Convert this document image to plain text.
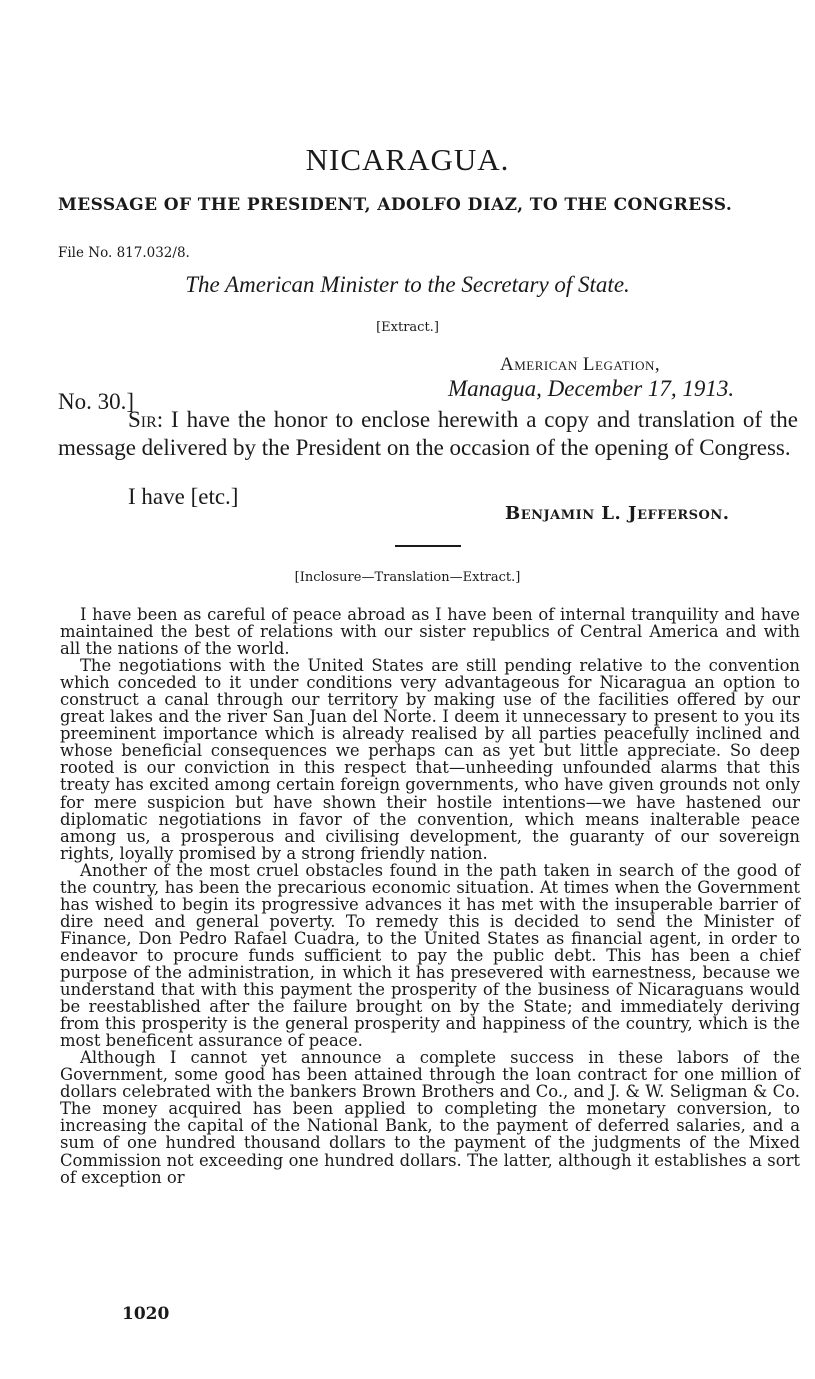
NICARAGUA.
MESSAGE OF THE PRESIDENT, ADOLFO DIAZ, TO THE CONGRESS.
File No. 817.032/8.
The American Minister to the Secretary of State.
[Extract.]
American Legation,
Managua, December 17, 1913.
No. 30.]

Sir: I have the honor to enclose herewith a copy and translation of the message delivered by the President on the occasion of the opening of Congress.

I have [etc.]
Benjamin L. Jefferson.
[Inclosure—Translation—Extract.]

I have been as careful of peace abroad as I have been of internal tranquility and have maintained the best of relations with our sister republics of Central America and with all the nations of the world.

The negotiations with the United States are still pending relative to the convention which conceded to it under conditions very advantageous for Nicaragua an option to construct a canal through our territory by making use of the facilities offered by our great lakes and the river San Juan del Norte. I deem it unnecessary to present to you its preeminent importance which is already realised by all parties peacefully inclined and whose beneficial consequences we perhaps can as yet but little appreciate. So deep rooted is our conviction in this respect that—unheeding unfounded alarms that this treaty has excited among certain foreign governments, who have given grounds not only for mere suspicion but have shown their hostile intentions—we have hastened our diplomatic negotiations in favor of the convention, which means inalterable peace among us, a prosperous and civilising development, the guaranty of our sovereign rights, loyally promised by a strong friendly nation.

Another of the most cruel obstacles found in the path taken in search of the good of the country, has been the precarious economic situation. At times when the Government has wished to begin its progressive advances it has met with the insuperable barrier of dire need and general poverty. To remedy this is decided to send the Minister of Finance, Don Pedro Rafael Cuadra, to the United States as financial agent, in order to endeavor to procure funds sufficient to pay the public debt. This has been a chief purpose of the administration, in which it has presevered with earnestness, because we understand that with this payment the prosperity of the business of Nicaraguans would be reestablished after the failure brought on by the State; and immediately deriving from this prosperity is the general prosperity and happiness of the country, which is the most beneficent assurance of peace.

Although I cannot yet announce a complete success in these labors of the Government, some good has been attained through the loan contract for one million of dollars celebrated with the bankers Brown Brothers and Co., and J. & W. Seligman & Co. The money acquired has been applied to completing the monetary conversion, to increasing the capital of the National Bank, to the payment of deferred salaries, and a sum of one hundred thousand dollars to the payment of the judgments of the Mixed Commission not exceeding one hundred dollars. The latter, although it establishes a sort of exception or

1020
